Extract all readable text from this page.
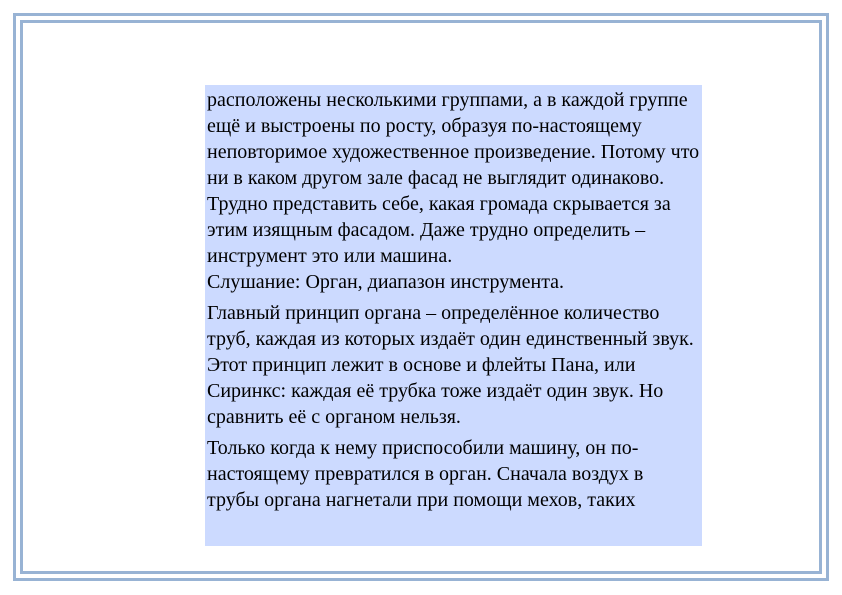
расположены несколькими группами, а в каждой группе ещё и выстроены по росту, образуя по-настоящему неповторимое художественное произведение. Потому что ни в каком другом зале фасад не выглядит одинаково. Трудно представить себе, какая громада скрывается за этим изящным фасадом. Даже трудно определить – инструмент это или машина.

Слушание: Орган, диапазон инструмента.

Главный принцип органа – определённое количество труб, каждая из которых издаёт один единственный звук. Этот принцип лежит в основе и флейты Пана, или Сиринкс: каждая её трубка тоже издаёт один звук. Но сравнить её с органом нельзя.

Только когда к нему приспособили машину, он по-настоящему превратился в орган. Сначала воздух в трубы органа нагнетали при помощи мехов, таких
